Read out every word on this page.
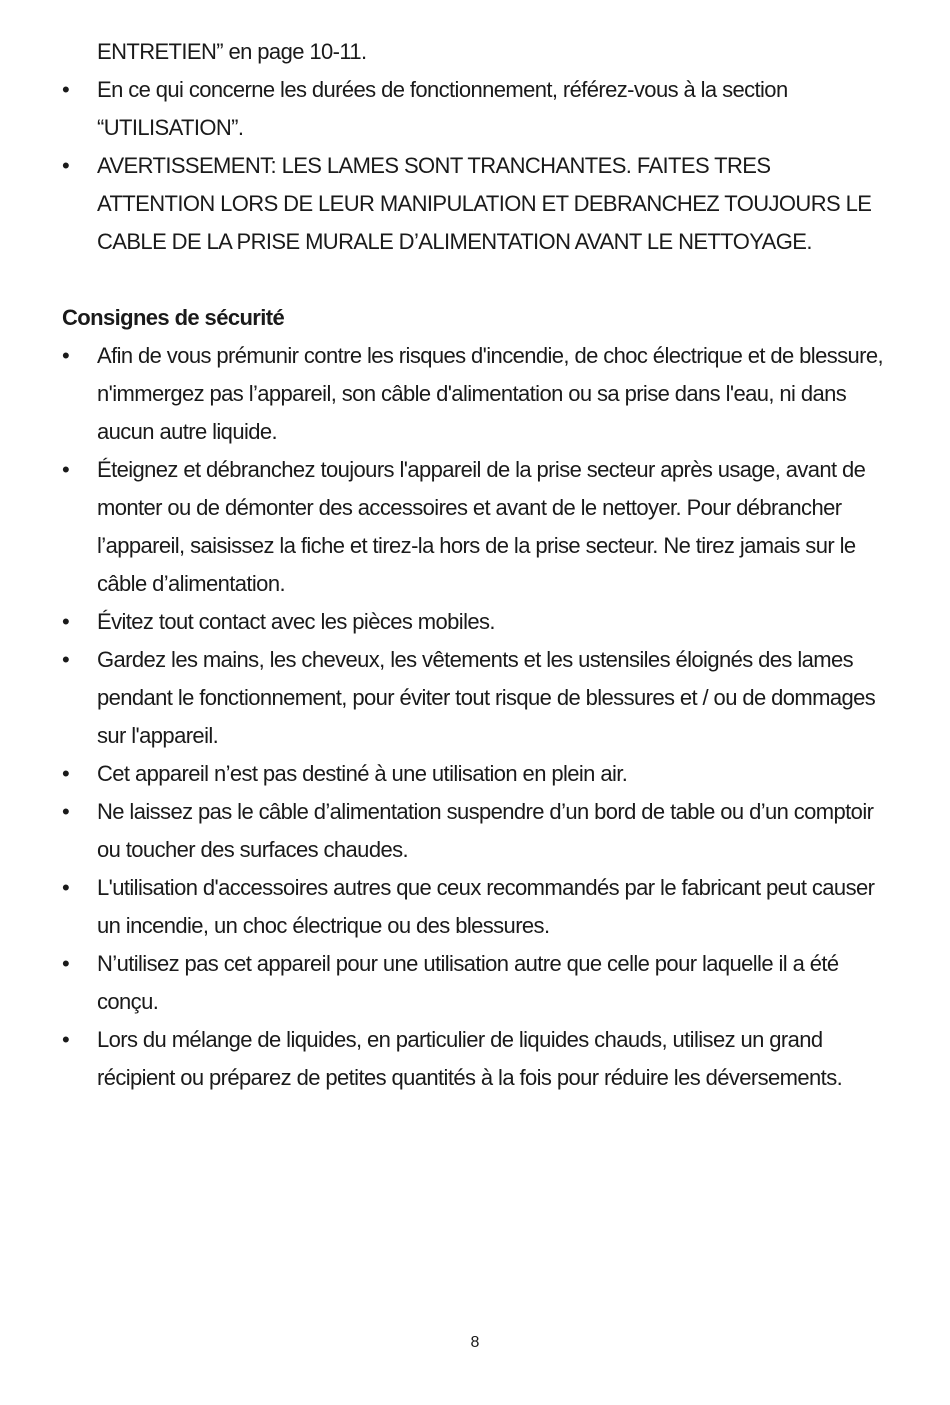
ENTRETIEN” en page 10-11.

•	En ce qui concerne les durées de fonctionnement, référez-vous à la section “UTILISATION”.
•	AVERTISSEMENT: LES LAMES SONT TRANCHANTES. FAITES TRES ATTENTION LORS DE LEUR MANIPULATION ET DEBRANCHEZ TOUJOURS LE CABLE DE LA PRISE MURALE D’ALIMENTATION AVANT LE NETTOYAGE.
Consignes de sécurité
•	Afin de vous prémunir contre les risques d'incendie, de choc électrique et de blessure, n'immergez pas l’appareil, son câble d'alimentation ou sa prise dans l'eau, ni dans aucun autre liquide.
•	Éteignez et débranchez toujours l'appareil de la prise secteur après usage, avant de monter ou de démonter des accessoires et avant de le nettoyer. Pour débrancher l’appareil, saisissez la fiche et tirez-la hors de la prise secteur. Ne tirez jamais sur le câble d’alimentation.
•	Évitez tout contact avec les pièces mobiles.
•	Gardez les mains, les cheveux, les vêtements et les ustensiles éloignés des lames pendant le fonctionnement, pour éviter tout risque de blessures et / ou de dommages sur l'appareil.
•	Cet appareil n’est pas destiné à une utilisation en plein air.
•	Ne laissez pas le câble d’alimentation suspendre d’un bord de table ou d’un comptoir ou toucher des surfaces chaudes.
•	L'utilisation d'accessoires autres que ceux recommandés par le fabricant peut causer un incendie, un choc électrique ou des blessures.
•	N’utilisez pas cet appareil pour une utilisation autre que celle pour laquelle il a été conçu.
•	Lors du mélange de liquides, en particulier de liquides chauds, utilisez un grand récipient ou préparez de petites quantités à la fois pour réduire les déversements.
8
